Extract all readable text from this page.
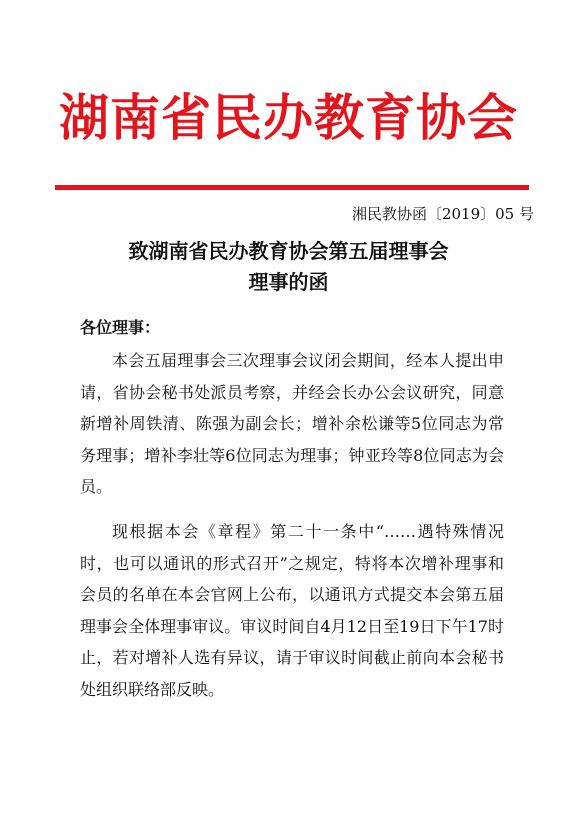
湖南省民办教育协会
湘民教协函〔2019〕05 号
致湖南省民办教育协会第五届理事会
理事的函
各位理事：

本会五届理事会三次理事会议闭会期间，经本人提出申请，省协会秘书处派员考察，并经会长办公会议研究，同意新增补周铁清、陈强为副会长；增补余松谦等5位同志为常务理事；增补李壮等6位同志为理事；钟亚玲等8位同志为会员。

现根据本会《章程》第二十一条中“……遇特殊情况时，也可以通讯的形式召开”之规定，特将本次增补理事和会员的名单在本会官网上公布，以通讯方式提交本会第五届理事会全体理事审议。审议时间自4月12日至19日下午17时止，若对增补人选有异议，请于审议时间截止前向本会秘书处组织联络部反映。
